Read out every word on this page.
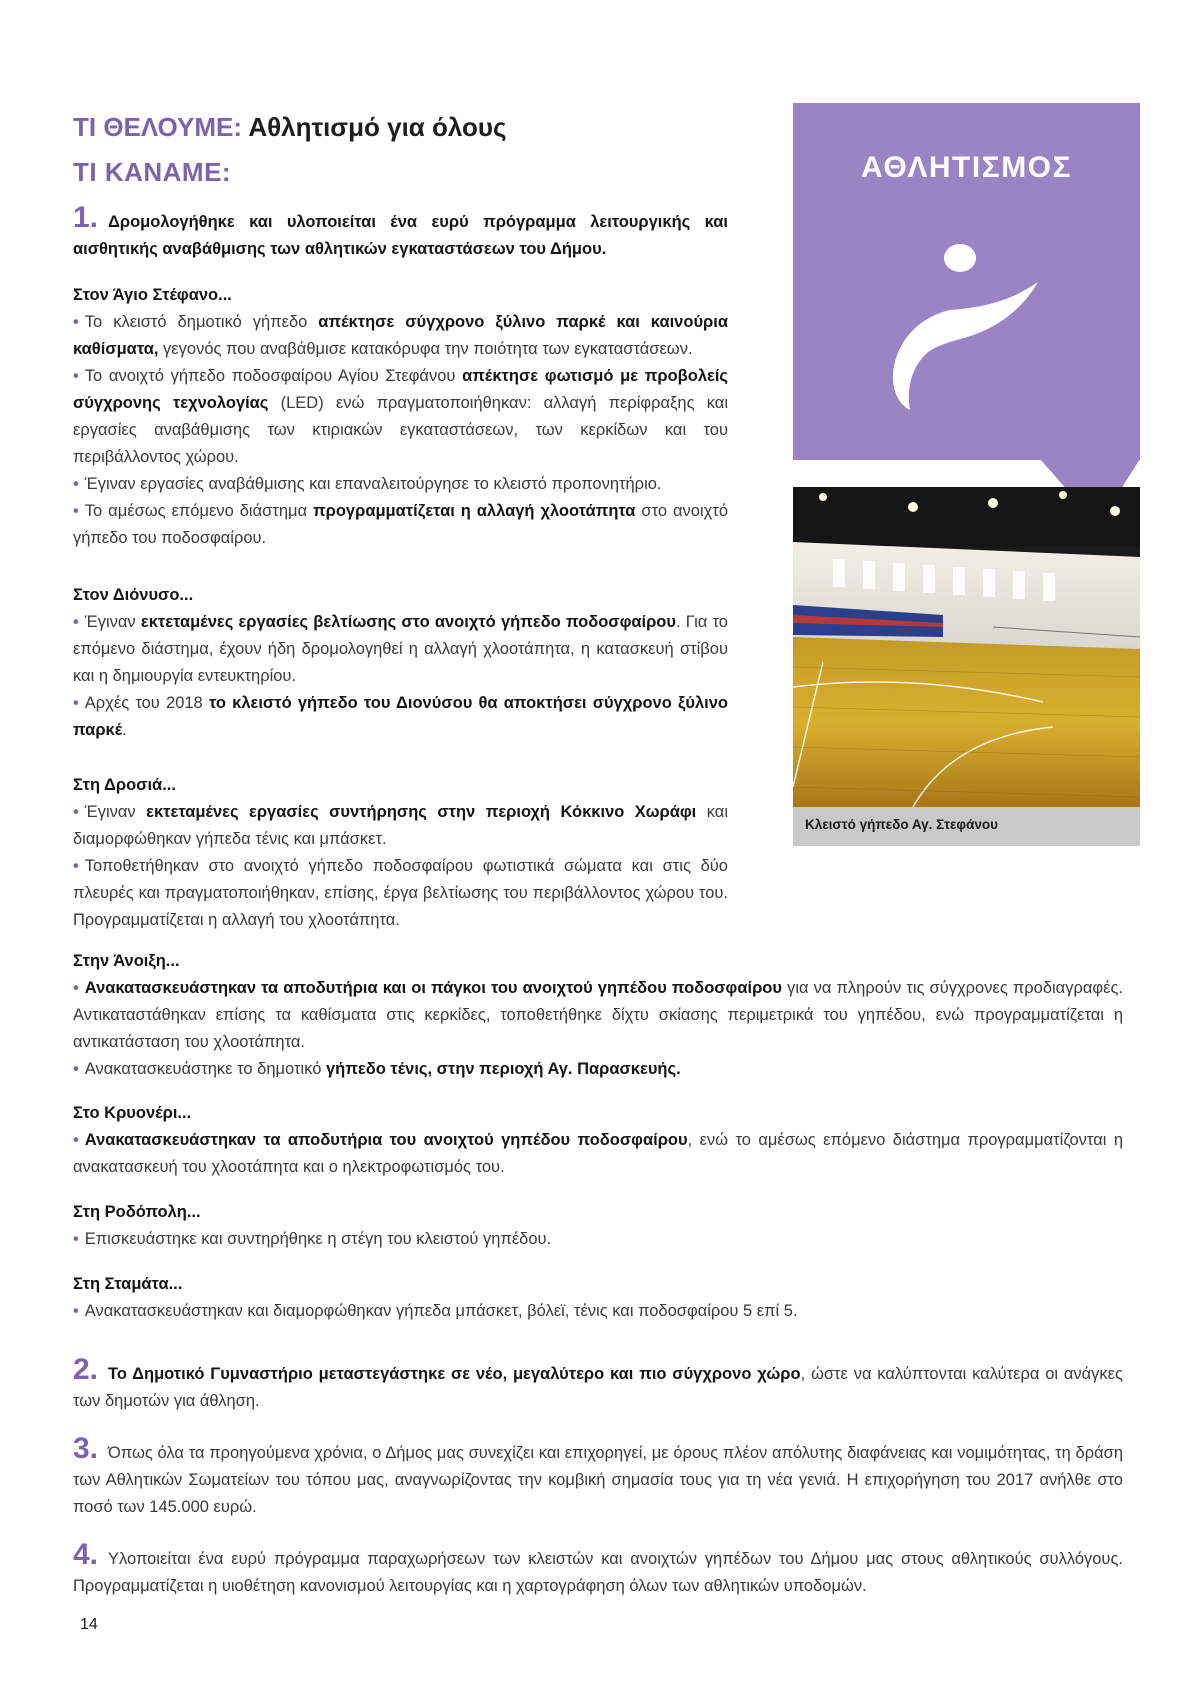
ΤΙ ΘΕΛΟΥΜΕ: Αθλητισμό για όλους
ΤΙ ΚΑΝΑΜΕ:
1. Δρομολογήθηκε και υλοποιείται ένα ευρύ πρόγραμμα λειτουργικής και αισθητικής αναβάθμισης των αθλητικών εγκαταστάσεων του Δήμου.
Στον Άγιο Στέφανο...
• Το κλειστό δημοτικό γήπεδο απέκτησε σύγχρονο ξύλινο παρκέ και καινούρια καθίσματα, γεγονός που αναβάθμισε κατακόρυφα την ποιότητα των εγκαταστάσεων.
• Το ανοιχτό γήπεδο ποδοσφαίρου Αγίου Στεφάνου απέκτησε φωτισμό με προβολείς σύγχρονης τεχνολογίας (LED) ενώ πραγματοποιήθηκαν: αλλαγή περίφραξης και εργασίες αναβάθμισης των κτιριακών εγκαταστάσεων, των κερκίδων και του περιβάλλοντος χώρου.
• Έγιναν εργασίες αναβάθμισης και επαναλειτούργησε το κλειστό προπονητήριο.
• Το αμέσως επόμενο διάστημα προγραμματίζεται η αλλαγή χλοοτάπητα στο ανοιχτό γήπεδο του ποδοσφαίρου.
Στον Διόνυσο...
• Έγιναν εκτεταμένες εργασίες βελτίωσης στο ανοιχτό γήπεδο ποδοσφαίρου. Για το επόμενο διάστημα, έχουν ήδη δρομολογηθεί η αλλαγή χλοοτάπητα, η κατασκευή στίβου και η δημιουργία εντευκτηρίου.
• Αρχές του 2018 το κλειστό γήπεδο του Διονύσου θα αποκτήσει σύγχρονο ξύλινο παρκέ.
Στη Δροσιά...
• Έγιναν εκτεταμένες εργασίες συντήρησης στην περιοχή Κόκκινο Χωράφι και διαμορφώθηκαν γήπεδα τένις και μπάσκετ.
• Τοποθετήθηκαν στο ανοιχτό γήπεδο ποδοσφαίρου φωτιστικά σώματα και στις δύο πλευρές και πραγματοποιήθηκαν, επίσης, έργα βελτίωσης του περιβάλλοντος χώρου του. Προγραμματίζεται η αλλαγή του χλοοτάπητα.
Στην Άνοιξη...
• Ανακατασκευάστηκαν τα αποδυτήρια και οι πάγκοι του ανοιχτού γηπέδου ποδοσφαίρου για να πληρούν τις σύγχρονες προδιαγραφές. Αντικαταστάθηκαν επίσης τα καθίσματα στις κερκίδες, τοποθετήθηκε δίχτυ σκίασης περιμετρικά του γηπέδου, ενώ προγραμματίζεται η αντικατάσταση του χλοοτάπητα.
• Ανακατασκευάστηκε το δημοτικό γήπεδο τένις, στην περιοχή Αγ. Παρασκευής.
Στο Κρυονέρι...
• Ανακατασκευάστηκαν τα αποδυτήρια του ανοιχτού γηπέδου ποδοσφαίρου, ενώ το αμέσως επόμενο διάστημα προγραμματίζονται η ανακατασκευή του χλοοτάπητα και ο ηλεκτροφωτισμός του.
Στη Ροδόπολη...
• Επισκευάστηκε και συντηρήθηκε η στέγη του κλειστού γηπέδου.
Στη Σταμάτα...
• Ανακατασκευάστηκαν και διαμορφώθηκαν γήπεδα μπάσκετ, βόλεϊ, τένις και ποδοσφαίρου 5 επί 5.
2. Το Δημοτικό Γυμναστήριο μεταστεγάστηκε σε νέο, μεγαλύτερο και πιο σύγχρονο χώρο, ώστε να καλύπτονται καλύτερα οι ανάγκες των δημοτών για άθληση.
3. Όπως όλα τα προηγούμενα χρόνια, ο Δήμος μας συνεχίζει και επιχορηγεί, με όρους πλέον απόλυτης διαφάνειας και νομιμότητας, τη δράση των Αθλητικών Σωματείων του τόπου μας, αναγνωρίζοντας την κομβική σημασία τους για τη νέα γενιά. Η επιχορήγηση του 2017 ανήλθε στο ποσό των 145.000 ευρώ.
4. Υλοποιείται ένα ευρύ πρόγραμμα παραχωρήσεων των κλειστών και ανοιχτών γηπέδων του Δήμου μας στους αθλητικούς συλλόγους. Προγραμματίζεται η υιοθέτηση κανονισμού λειτουργίας και η χαρτογράφηση όλων των αθλητικών υποδομών.
ΑΘΛΗΤΙΣΜΟΣ
Κλειστό γήπεδο Αγ. Στεφάνου
14
